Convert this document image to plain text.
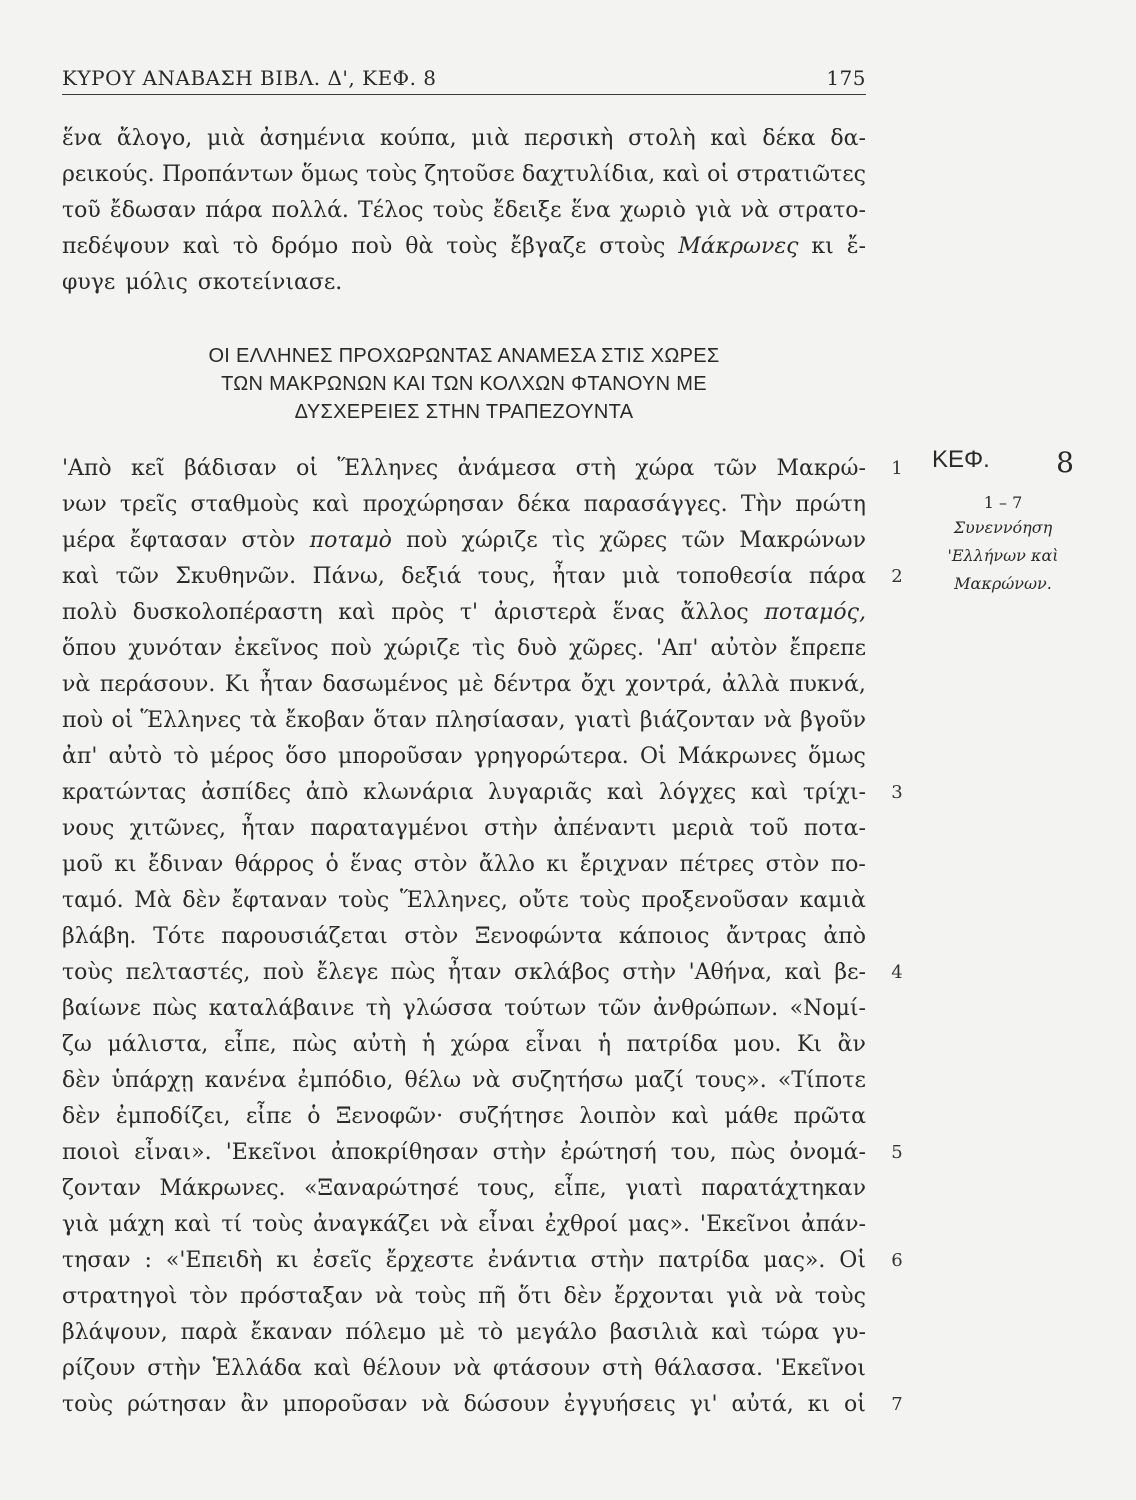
ΚΥΡΟΥ ΑΝΑΒΑΣΗ ΒΙΒΛ. Δ', ΚΕΦ. 8	175
ἕνα ἄλογο, μιὰ ἀσημένια κούπα, μιὰ περσικὴ στολὴ καὶ δέκα δα-
ρεικούς. Προπάντων ὅμως τοὺς ζητοῦσε δαχτυλίδια, καὶ οἱ στρατιῶτες
τοῦ ἔδωσαν πάρα πολλά. Τέλος τοὺς ἔδειξε ἕνα χωριὸ γιὰ νὰ στρατο-
πεδέψουν καὶ τὸ δρόμο ποὺ θὰ τοὺς ἔβγαζε στοὺς Μάκρωνες κι ἔ-
φυγε μόλις σκοτείνιασε.
ΟΙ ΕΛΛΗΝΕΣ ΠΡΟΧΩΡΩΝΤΑΣ ΑΝΑΜΕΣΑ ΣΤΙΣ ΧΩΡΕΣ
ΤΩΝ ΜΑΚΡΩΝΩΝ ΚΑΙ ΤΩΝ ΚΟΛΧΩΝ ΦΤΑΝΟΥΝ ΜΕ
ΔΥΣΧΕΡΕΙΕΣ ΣΤΗΝ ΤΡΑΠΕΖΟΥΝΤΑ
'Απὸ κεῖ βάδισαν οἱ Ἕλληνες ἀνάμεσα στὴ χώρα τῶν Μακρώ-
νων τρεῖς σταθμοὺς καὶ προχώρησαν δέκα παρασάγγες. Τὴν πρώτη
μέρα ἔφτασαν στὸν ποταμὸ ποὺ χώριζε τὶς χῶρες τῶν Μακρώνων
καὶ τῶν Σκυθηνῶν. Πάνω, δεξιά τους, ἦταν μιὰ τοποθεσία πάρα
πολὺ δυσκολοπέραστη καὶ πρὸς τ' ἀριστερὰ ἕνας ἄλλος ποταμός,
ὅπου χυνόταν ἐκεῖνος ποὺ χώριζε τὶς δυὸ χῶρες. 'Απ' αὐτὸν ἔπρεπε
νὰ περάσουν. Κι ἦταν δασωμένος μὲ δέντρα ὄχι χοντρά, ἀλλὰ πυκνά,
ποὺ οἱ Ἕλληνες τὰ ἔκοβαν ὅταν πλησίασαν, γιατὶ βιάζονταν νὰ βγοῦν
ἀπ' αὐτὸ τὸ μέρος ὅσο μποροῦσαν γρηγορώτερα. Οἱ Μάκρωνες ὅμως
κρατώντας ἀσπίδες ἀπὸ κλωνάρια λυγαριᾶς καὶ λόγχες καὶ τρίχι-
νους χιτῶνες, ἦταν παραταγμένοι στὴν ἀπέναντι μεριὰ τοῦ ποτα-
μοῦ κι ἔδιναν θάρρος ὁ ἕνας στὸν ἄλλο κι ἔριχναν πέτρες στὸν πο-
ταμό. Μὰ δὲν ἔφταναν τοὺς Ἕλληνες, οὔτε τοὺς προξενοῦσαν καμιὰ
βλάβη. Τότε παρουσιάζεται στὸν Ξενοφώντα κάποιος ἄντρας ἀπὸ
τοὺς πελταστές, ποὺ ἔλεγε πὼς ἦταν σκλάβος στὴν 'Αθήνα, καὶ βε-
βαίωνε πὼς καταλάβαινε τὴ γλώσσα τούτων τῶν ἀνθρώπων. «Νομί-
ζω μάλιστα, εἶπε, πὼς αὐτὴ ἡ χώρα εἶναι ἡ πατρίδα μου. Κι ἂν
δὲν ὑπάρχῃ κανένα ἐμπόδιο, θέλω νὰ συζητήσω μαζί τους». «Τίποτε
δὲν ἐμποδίζει, εἶπε ὁ Ξενοφῶν· συζήτησε λοιπὸν καὶ μάθε πρῶτα
ποιοὶ εἶναι». 'Εκεῖνοι ἀποκρίθησαν στὴν ἐρώτησή του, πὼς ὀνομά-
ζονταν Μάκρωνες. «Ξαναρώτησέ τους, εἶπε, γιατὶ παρατάχτηκαν
γιὰ μάχη καὶ τί τοὺς ἀναγκάζει νὰ εἶναι ἐχθροί μας». 'Εκεῖνοι ἀπάν-
τησαν : «'Επειδὴ κι ἐσεῖς ἔρχεστε ἐνάντια στὴν πατρίδα μας». Οἱ
στρατηγοὶ τὸν πρόσταξαν νὰ τοὺς πῆ ὅτι δὲν ἔρχονται γιὰ νὰ τοὺς
βλάψουν, παρὰ ἔκαναν πόλεμο μὲ τὸ μεγάλο βασιλιὰ καὶ τώρα γυ-
ρίζουν στὴν Ἑλλάδα καὶ θέλουν νὰ φτάσουν στὴ θάλασσα. 'Εκεῖνοι
τοὺς ρώτησαν ἂν μποροῦσαν νὰ δώσουν ἐγγυήσεις γι' αὐτά, κι οἱ
1
2
3
4
5
6
7
ΚΕΦ. 8
1 – 7
Συνεννόηση
'Ελλήνων καὶ
Μακρώνων.
